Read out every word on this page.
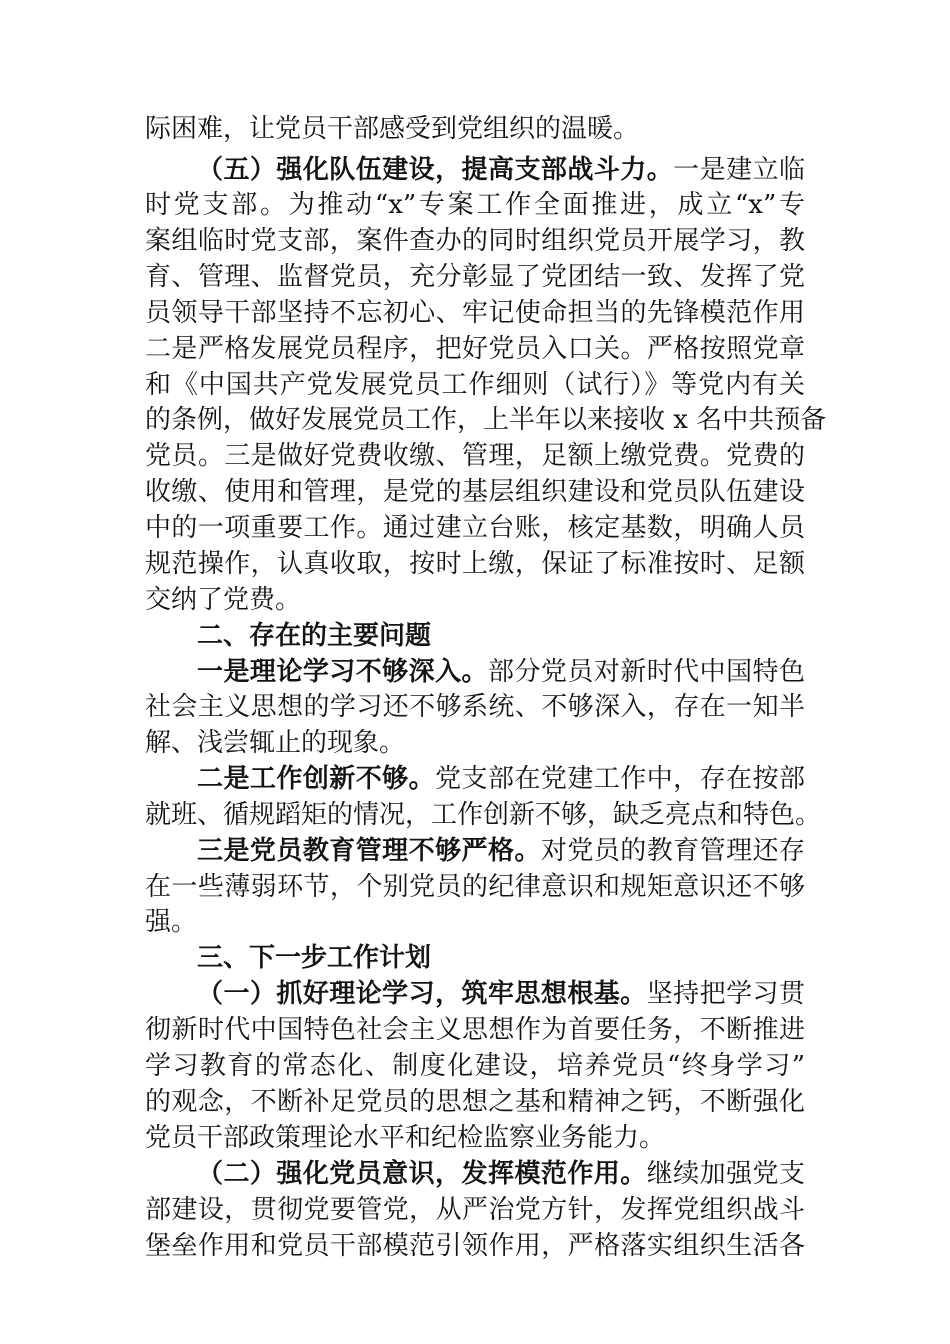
际困难，让党员干部感受到党组织的温暖。
（五）强化队伍建设，提高支部战斗力。一是建立临
时党支部。为推动“x”专案工作全面推进，成立“x”专
案组临时党支部，案件查办的同时组织党员开展学习，教
育、管理、监督党员，充分彰显了党团结一致、发挥了党
员领导干部坚持不忘初心、牢记使命担当的先锋模范作用
二是严格发展党员程序，把好党员入口关。严格按照党章
和《中国共产党发展党员工作细则（试行）》等党内有关
的条例，做好发展党员工作，上半年以来接收 x 名中共预备
党员。三是做好党费收缴、管理，足额上缴党费。党费的
收缴、使用和管理，是党的基层组织建设和党员队伍建设
中的一项重要工作。通过建立台账，核定基数，明确人员
规范操作，认真收取，按时上缴，保证了标准按时、足额
交纳了党费。
二、存在的主要问题
一是理论学习不够深入。部分党员对新时代中国特色
社会主义思想的学习还不够系统、不够深入，存在一知半
解、浅尝辄止的现象。
二是工作创新不够。党支部在党建工作中，存在按部
就班、循规蹈矩的情况，工作创新不够，缺乏亮点和特色。
三是党员教育管理不够严格。对党员的教育管理还存
在一些薄弱环节，个别党员的纪律意识和规矩意识还不够
强。
三、下一步工作计划
（一）抓好理论学习，筑牢思想根基。坚持把学习贯
彻新时代中国特色社会主义思想作为首要任务，不断推进
学习教育的常态化、制度化建设，培养党员“终身学习”
的观念，不断补足党员的思想之基和精神之钙，不断强化
党员干部政策理论水平和纪检监察业务能力。
（二）强化党员意识，发挥模范作用。继续加强党支
部建设，贯彻党要管党，从严治党方针，发挥党组织战斗
堡垒作用和党员干部模范引领作用，严格落实组织生活各
